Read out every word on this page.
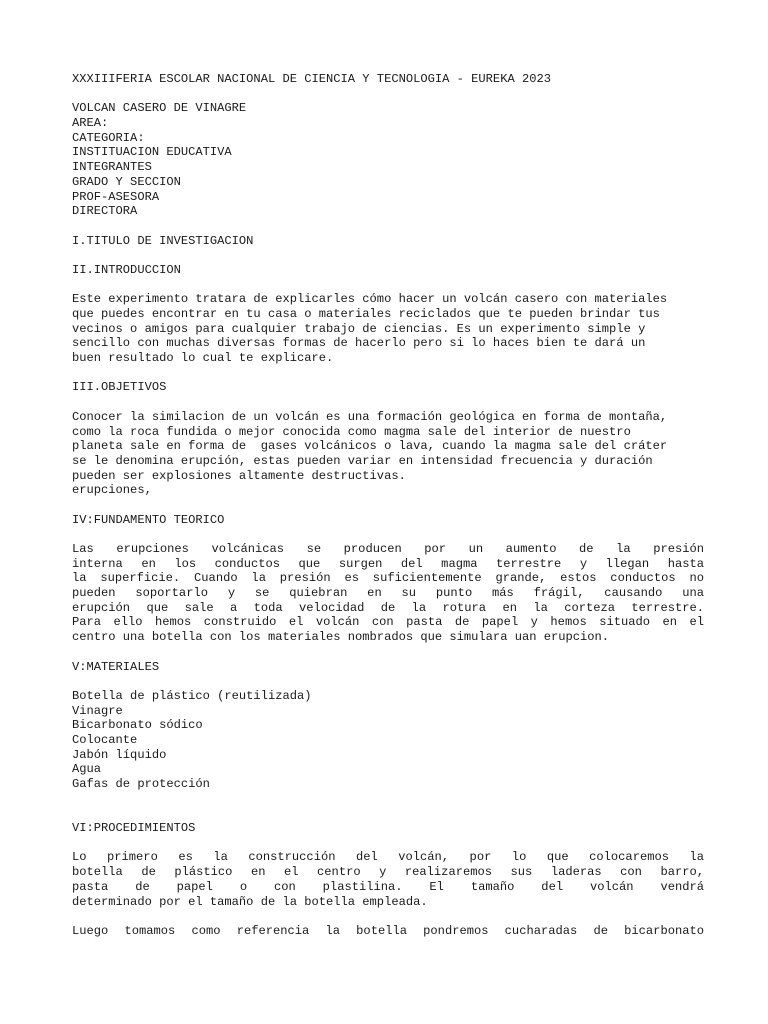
XXXIIIFERIA ESCOLAR NACIONAL DE CIENCIA Y TECNOLOGIA - EUREKA 2023
VOLCAN CASERO DE VINAGRE
AREA:
CATEGORIA:
INSTITUACION EDUCATIVA
INTEGRANTES
GRADO Y SECCION
PROF-ASESORA
DIRECTORA
I.TITULO DE INVESTIGACION
II.INTRODUCCION
Este experimento tratara de explicarles cómo hacer un volcán casero con materiales
que puedes encontrar en tu casa o materiales reciclados que te pueden brindar tus
vecinos o amigos para cualquier trabajo de ciencias. Es un experimento simple y
sencillo con muchas diversas formas de hacerlo pero si lo haces bien te dará un
buen resultado lo cual te explicare.
III.OBJETIVOS
Conocer la similacion de un volcán es una formación geológica en forma de montaña,
como la roca fundida o mejor conocida como magma sale del interior de nuestro
planeta sale en forma de  gases volcánicos o lava, cuando la magma sale del cráter
se le denomina erupción, estas pueden variar en intensidad frecuencia y duración
pueden ser explosiones altamente destructivas.
erupciones,
IV:FUNDAMENTO TEORICO
Las erupciones volcánicas se producen por un aumento de la presión
interna en los conductos que surgen del magma terrestre y llegan hasta
la superficie. Cuando la presión es suficientemente grande, estos conductos no
pueden soportarlo y se quiebran en su punto más frágil, causando una
erupción que sale a toda velocidad de la rotura en la corteza terrestre.
Para ello hemos construido el volcán con pasta de papel y hemos situado en el
centro una botella con los materiales nombrados que simulara uan erupcion.
V:MATERIALES
Botella de plástico (reutilizada)
Vinagre
Bicarbonato sódico
Colocante
Jabón líquido
Agua
Gafas de protección
VI:PROCEDIMIENTOS
Lo primero es la construcción del volcán, por lo que colocaremos la
botella de plástico en el centro y realizaremos sus laderas con barro,
pasta de papel o con plastilina. El tamaño del volcán vendrá
determinado por el tamaño de la botella empleada.
Luego tomamos como referencia la botella pondremos cucharadas de bicarbonato
